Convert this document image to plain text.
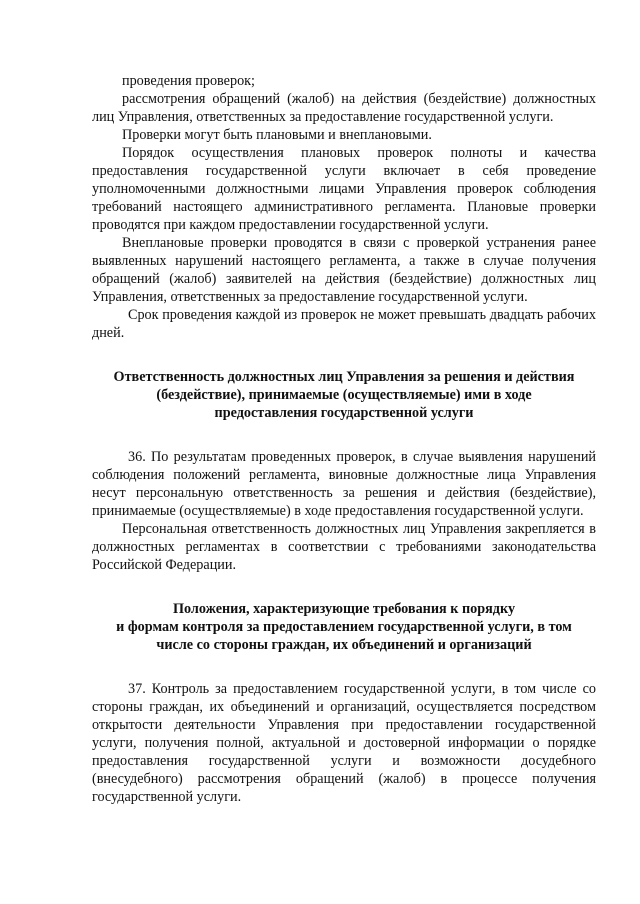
проведения проверок;

рассмотрения обращений (жалоб) на действия (бездействие) должностных лиц Управления, ответственных за предоставление государственной услуги.

Проверки могут быть плановыми и внеплановыми.

Порядок осуществления плановых проверок полноты и качества предоставления государственной услуги включает в себя проведение уполномоченными должностными лицами Управления проверок соблюдения требований настоящего административного регламента. Плановые проверки проводятся при каждом предоставлении государственной услуги.

Внеплановые проверки проводятся в связи с проверкой устранения ранее выявленных нарушений настоящего регламента, а также в случае получения обращений (жалоб) заявителей на действия (бездействие) должностных лиц Управления, ответственных за предоставление государственной услуги.

Срок проведения каждой из проверок не может превышать двадцать рабочих дней.

Ответственность должностных лиц Управления за решения и действия
(бездействие), принимаемые (осуществляемые) ими в ходе
предоставления государственной услуги

36. По результатам проведенных проверок, в случае выявления нарушений соблюдения положений регламента, виновные должностные лица Управления несут персональную ответственность за решения и действия (бездействие), принимаемые (осуществляемые) в ходе предоставления государственной услуги.

Персональная ответственность должностных лиц Управления закрепляется в должностных регламентах в соответствии с требованиями законодательства Российской Федерации.

Положения, характеризующие требования к порядку
и формам контроля за предоставлением государственной услуги, в том
числе со стороны граждан, их объединений и организаций

37. Контроль за предоставлением государственной услуги, в том числе со стороны граждан, их объединений и организаций, осуществляется посредством открытости деятельности Управления при предоставлении государственной услуги, получения полной, актуальной и достоверной информации о порядке предоставления государственной услуги и возможности досудебного (внесудебного) рассмотрения обращений (жалоб) в процессе получения государственной услуги.
